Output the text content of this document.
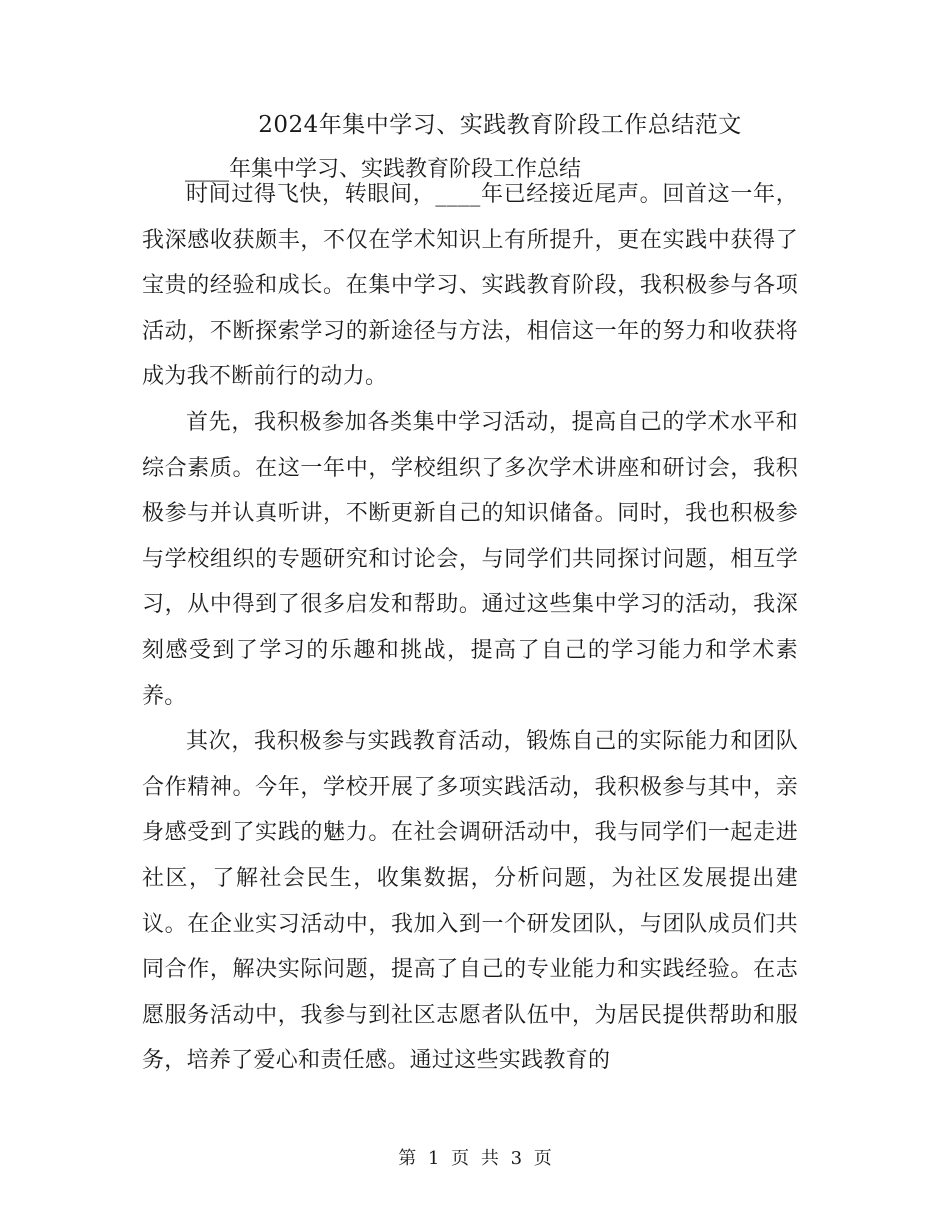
2024年集中学习、实践教育阶段工作总结范文
____年集中学习、实践教育阶段工作总结

时间过得飞快，转眼间，____年已经接近尾声。回首这一年，我深感收获颇丰，不仅在学术知识上有所提升，更在实践中获得了宝贵的经验和成长。在集中学习、实践教育阶段，我积极参与各项活动，不断探索学习的新途径与方法，相信这一年的努力和收获将成为我不断前行的动力。

首先，我积极参加各类集中学习活动，提高自己的学术水平和综合素质。在这一年中，学校组织了多次学术讲座和研讨会，我积极参与并认真听讲，不断更新自己的知识储备。同时，我也积极参与学校组织的专题研究和讨论会，与同学们共同探讨问题，相互学习，从中得到了很多启发和帮助。通过这些集中学习的活动，我深刻感受到了学习的乐趣和挑战，提高了自己的学习能力和学术素养。

其次，我积极参与实践教育活动，锻炼自己的实际能力和团队合作精神。今年，学校开展了多项实践活动，我积极参与其中，亲身感受到了实践的魅力。在社会调研活动中，我与同学们一起走进社区，了解社会民生，收集数据，分析问题，为社区发展提出建议。在企业实习活动中，我加入到一个研发团队，与团队成员们共同合作，解决实际问题，提高了自己的专业能力和实践经验。在志愿服务活动中，我参与到社区志愿者队伍中，为居民提供帮助和服务，培养了爱心和责任感。通过这些实践教育的

第 1 页 共 3 页
